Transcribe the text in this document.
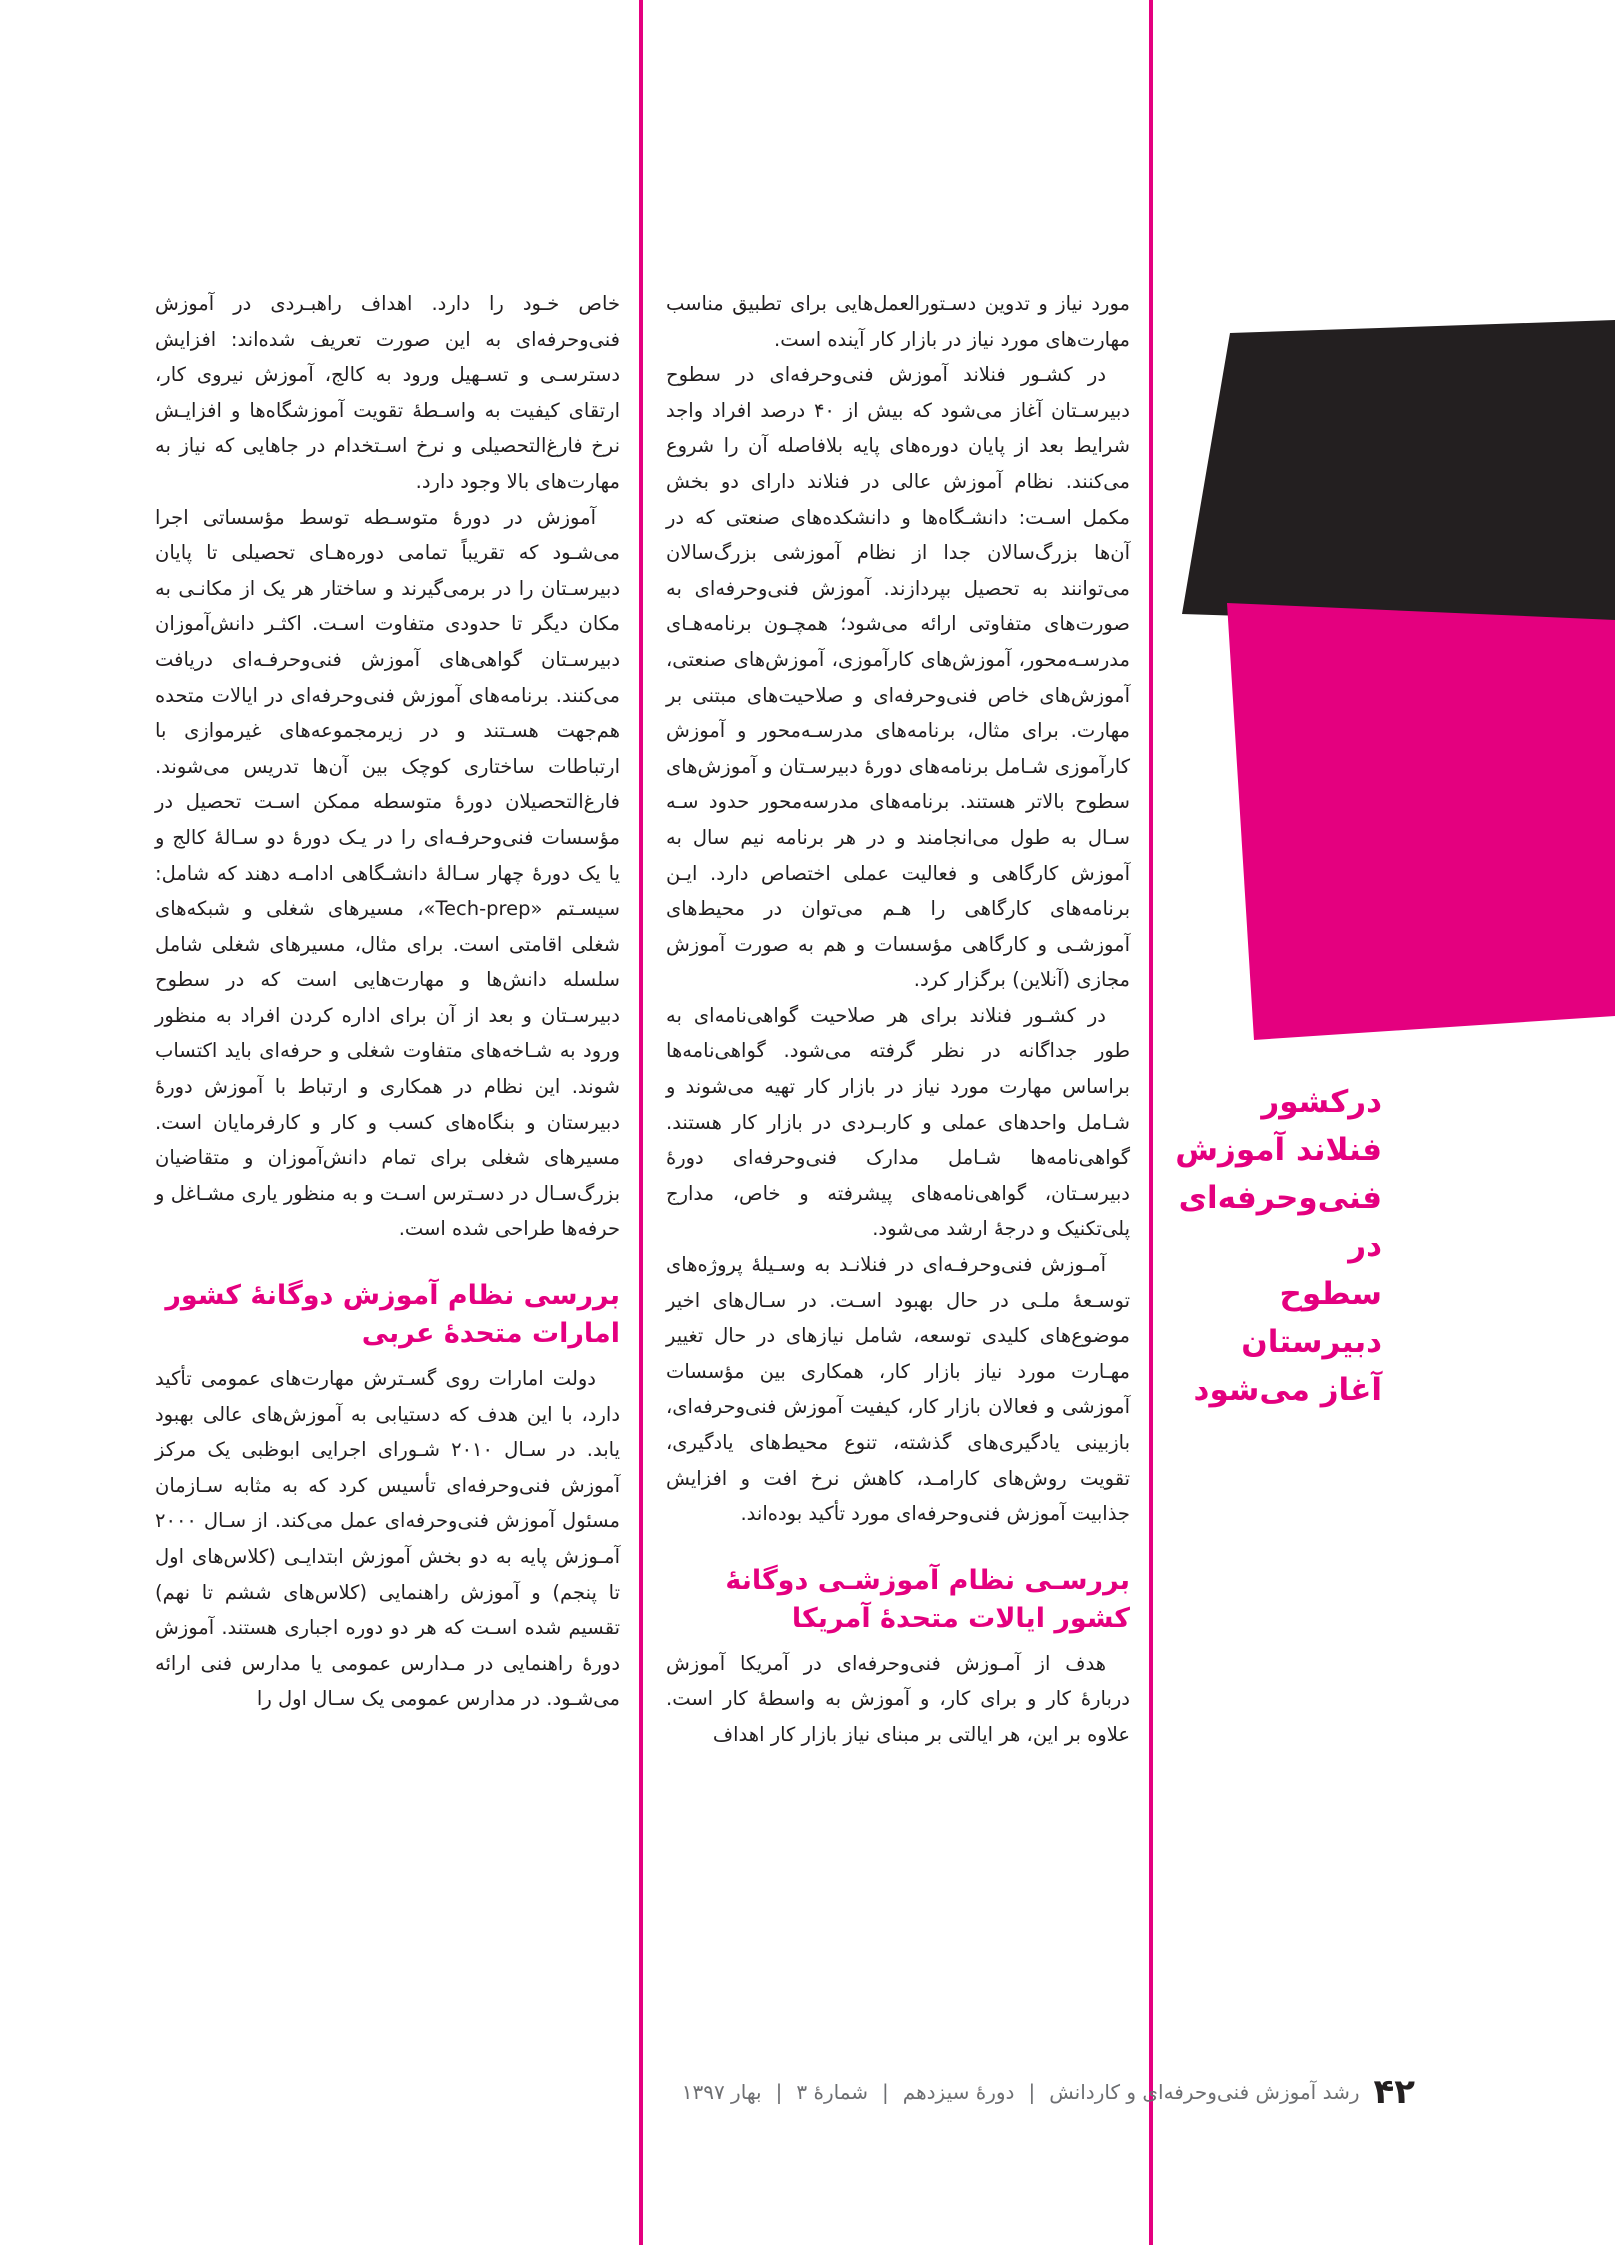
درکشور
فنلاند آموزش
فنی‌وحرفه‌ای در
سطوح دبیرستان
آغاز می‌شود

مورد نیاز و تدوین دسـتورالعمل‌هایی برای تطبیق مناسب مهارت‌های مورد نیاز در بازار کار آینده است.

در کشـور فنلاند آموزش فنی‌وحرفه‌ای در سطوح دبیرسـتان آغاز می‌شود که بیش از ۴۰ درصد افراد واجد شرایط بعد از پایان دوره‌های پایه بلافاصله آن را شروع می‌کنند. نظام آموزش عالی در فنلاند دارای دو بخش مکمل اسـت: دانشـگاه‌ها و دانشکده‌های صنعتی که در آن‌ها بزرگ‌سالان جدا از نظام آموزشی بزرگ‌سالان می‌توانند به تحصیل بپردازند. آموزش فنی‌وحرفه‌ای به صورت‌های متفاوتی ارائه می‌شود؛ همچـون برنامه‌هـای مدرسـه‌محور، آموزش‌های کارآموزی، آموزش‌های صنعتی، آموزش‌های خاص فنی‌وحرفه‌ای و صلاحیت‌های مبتنی بر مهارت. برای مثال، برنامه‌های مدرسـه‌محور و آموزش کارآموزی شـامل برنامه‌های دورهٔ دبیرسـتان و آموزش‌های سطوح بالاتر هستند. برنامه‌های مدرسه‌محور حدود سـه سـال به طول می‌انجامند و در هر برنامه نیم سال به آموزش کارگاهی و فعالیت عملی اختصاص دارد. ایـن برنامه‌های کارگاهی را هـم می‌توان در محیط‌های آموزشـی و کارگاهی مؤسسات و هم به صورت آموزش مجازی (آنلاین) برگزار کرد.

در کشـور فنلاند برای هر صلاحیت گواهی‌نامه‌ای به طور جداگانه در نظر گرفته می‌شود. گواهی‌نامه‌ها براساس مهارت مورد نیاز در بازار کار تهیه می‌شوند و شـامل واحدهای عملی و کاربـردی در بازار کار هستند. گواهی‌نامه‌ها شـامل مدارک فنی‌وحرفه‌ای دورهٔ دبیرسـتان، گواهی‌نامه‌های پیشرفته و خاص، مدارج پلی‌تکنیک و درجهٔ ارشد می‌شود.

آمـوزش فنی‌وحرفـه‌ای در فنلانـد به وسـیلهٔ پروژه‌های توسـعهٔ ملـی در حال بهبود اسـت. در سـال‌های اخیر موضوع‌های کلیدی توسعه، شامل نیازهای در حال تغییر مهـارت مورد نیاز بازار کار، همکاری بین مؤسسات آموزشی و فعالان بازار کار، کیفیت آموزش فنی‌وحرفه‌ای، بازبینی یادگیری‌های گذشته، تنوع محیط‌های یادگیری، تقویت روش‌های کارامـد، کاهش نرخ افت و افزایش جذابیت آموزش فنی‌وحرفه‌ای مورد تأکید بوده‌اند.

بررسـی نظام آموزشـی دوگانهٔ کشور ایالات متحدهٔ آمریکا

هدف از آمـوزش فنی‌وحرفه‌ای در آمریکا آموزش دربارهٔ کار و برای کار، و آموزش به واسطهٔ کار است. علاوه بر این، هر ایالتی بر مبنای نیاز بازار کار اهداف

خاص خـود را دارد. اهداف راهبـردی در آموزش فنی‌وحرفه‌ای به این صورت تعریف شده‌اند: افزایش دسترسـی و تسـهیل ورود به کالج، آموزش نیروی کار، ارتقای کیفیت به واسـطهٔ تقویت آموزشگاه‌ها و افزایـش نرخ فارغ‌التحصیلی و نرخ اسـتخدام در جاهایی که نیاز به مهارت‌های بالا وجود دارد.

آموزش در دورهٔ متوسـطه توسط مؤسساتی اجرا می‌شـود که تقریباً تمامی دوره‌هـای تحصیلی تا پایان دبیرسـتان را در برمی‌گیرند و ساختار هر یک از مکانـی به مکان دیگر تا حدودی متفاوت اسـت. اکثـر دانش‌آموزان دبیرسـتان گواهی‌های آموزش فنی‌وحرفـه‌ای دریافت می‌کنند. برنامه‌های آموزش فنی‌وحرفه‌ای در ایالات متحده هم‌جهت هسـتند و در زیرمجموعه‌های غیرموازی با ارتباطات ساختاری کوچک بین آن‌ها تدریس می‌شوند. فارغ‌التحصیلان دورهٔ متوسطه ممکن اسـت تحصیل در مؤسسات فنی‌وحرفـه‌ای را در یـک دورهٔ دو سـالهٔ کالج و یا یک دورهٔ چهار سـالهٔ دانشـگاهی ادامـه دهند که شامل: سیسـتم «Tech-prep»، مسیرهای شغلی و شبکه‌های شغلی اقامتی است. برای مثال، مسیرهای شغلی شامل سلسله دانش‌ها و مهارت‌هایی است که در سطوح دبیرسـتان و بعد از آن برای اداره کردن افراد به منظور ورود به شـاخه‌های متفاوت شغلی و حرفه‌ای باید اکتساب شوند. این نظام در همکاری و ارتباط با آموزش دورهٔ دبیرستان و بنگاه‌های کسب و کار و کارفرمایان است. مسیرهای شغلی برای تمام دانش‌آموزان و متقاضیان بزرگ‌سـال در دسـترس اسـت و به منظور یاری مشـاغل و حرفه‌ها طراحی شده است.

بررسی نظام آموزش دوگانهٔ کشور امارات متحدهٔ عربی

دولت امارات روی گسـترش مهارت‌های عمومی تأکید دارد، با این هدف که دستیابی به آموزش‌های عالی بهبود یابد. در سـال ۲۰۱۰ شـورای اجرایی ابوظبی یک مرکز آموزش فنی‌وحرفه‌ای تأسیس کرد که به مثابه سـازمان مسئول آموزش فنی‌وحرفه‌ای عمل می‌کند. از سـال ۲۰۰۰ آمـوزش پایه به دو بخش آموزش ابتدایـی (کلاس‌های اول تا پنجم) و آموزش راهنمایی (کلاس‌های ششم تا نهم) تقسیم شده اسـت که هر دو دوره اجباری هستند. آموزش دورهٔ راهنمایی در مـدارس عمومی یا مدارس فنی ارائه می‌شـود. در مدارس عمومی یک سـال اول را

۴۲
رشد آموزش فنی‌وحرفه‌ای و کاردانش
|
دورهٔ سیزدهم
|
شمارهٔ ۳
|
بهار ۱۳۹۷
